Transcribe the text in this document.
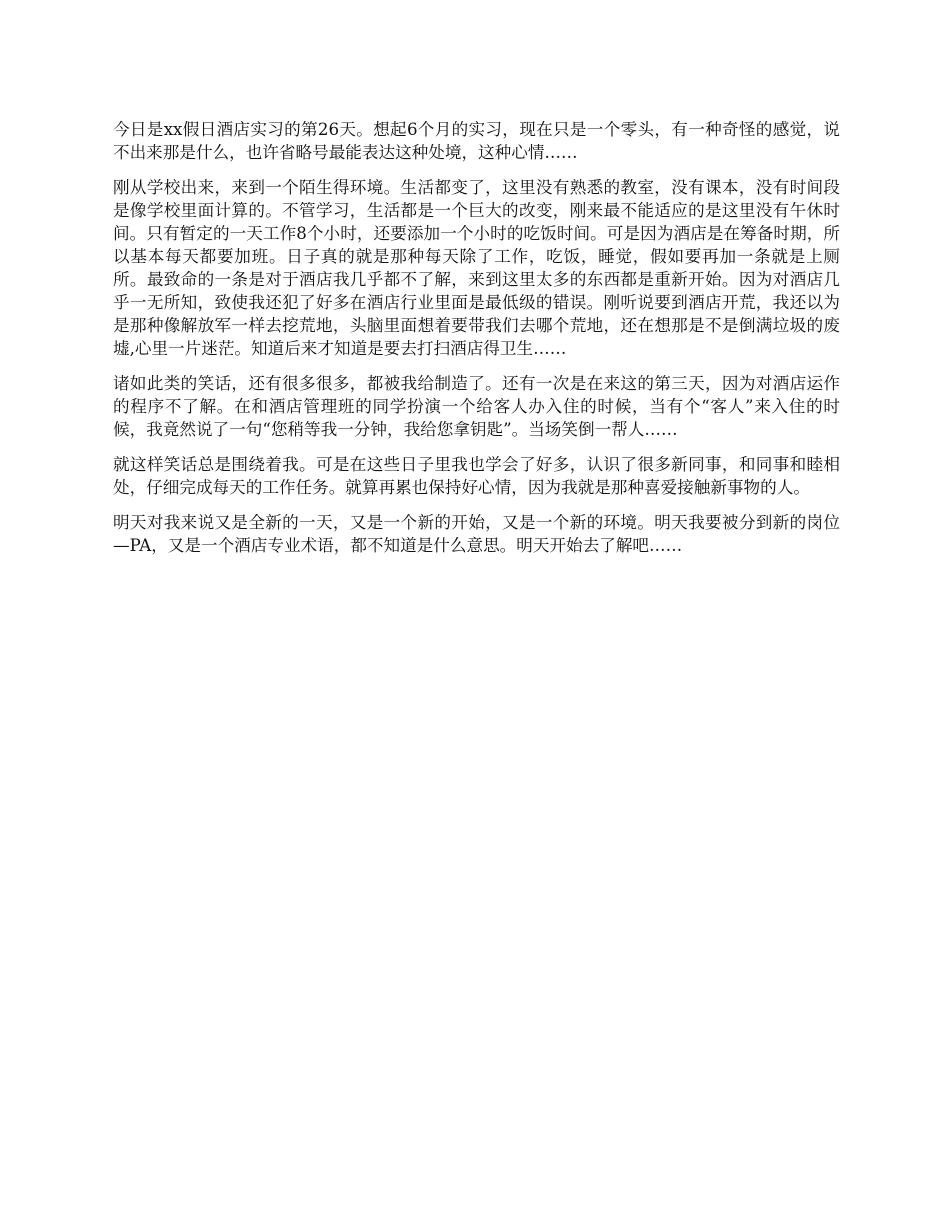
今日是xx假日酒店实习的第26天。想起6个月的实习，现在只是一个零头，有一种奇怪的感觉，说不出来那是什么，也许省略号最能表达这种处境，这种心情……

刚从学校出来，来到一个陌生得环境。生活都变了，这里没有熟悉的教室，没有课本，没有时间段是像学校里面计算的。不管学习，生活都是一个巨大的改变，刚来最不能适应的是这里没有午休时间。只有暂定的一天工作8个小时，还要添加一个小时的吃饭时间。可是因为酒店是在筹备时期，所以基本每天都要加班。日子真的就是那种每天除了工作，吃饭，睡觉，假如要再加一条就是上厕所。最致命的一条是对于酒店我几乎都不了解，来到这里太多的东西都是重新开始。因为对酒店几乎一无所知，致使我还犯了好多在酒店行业里面是最低级的错误。刚听说要到酒店开荒，我还以为是那种像解放军一样去挖荒地，头脑里面想着要带我们去哪个荒地，还在想那是不是倒满垃圾的废墟,心里一片迷茫。知道后来才知道是要去打扫酒店得卫生……

诸如此类的笑话，还有很多很多，都被我给制造了。还有一次是在来这的第三天，因为对酒店运作的程序不了解。在和酒店管理班的同学扮演一个给客人办入住的时候，当有个“客人”来入住的时候，我竟然说了一句“您稍等我一分钟，我给您拿钥匙”。当场笑倒一帮人……

就这样笑话总是围绕着我。可是在这些日子里我也学会了好多，认识了很多新同事，和同事和睦相处，仔细完成每天的工作任务。就算再累也保持好心情，因为我就是那种喜爱接触新事物的人。

明天对我来说又是全新的一天，又是一个新的开始，又是一个新的环境。明天我要被分到新的岗位—PA，又是一个酒店专业术语，都不知道是什么意思。明天开始去了解吧……
